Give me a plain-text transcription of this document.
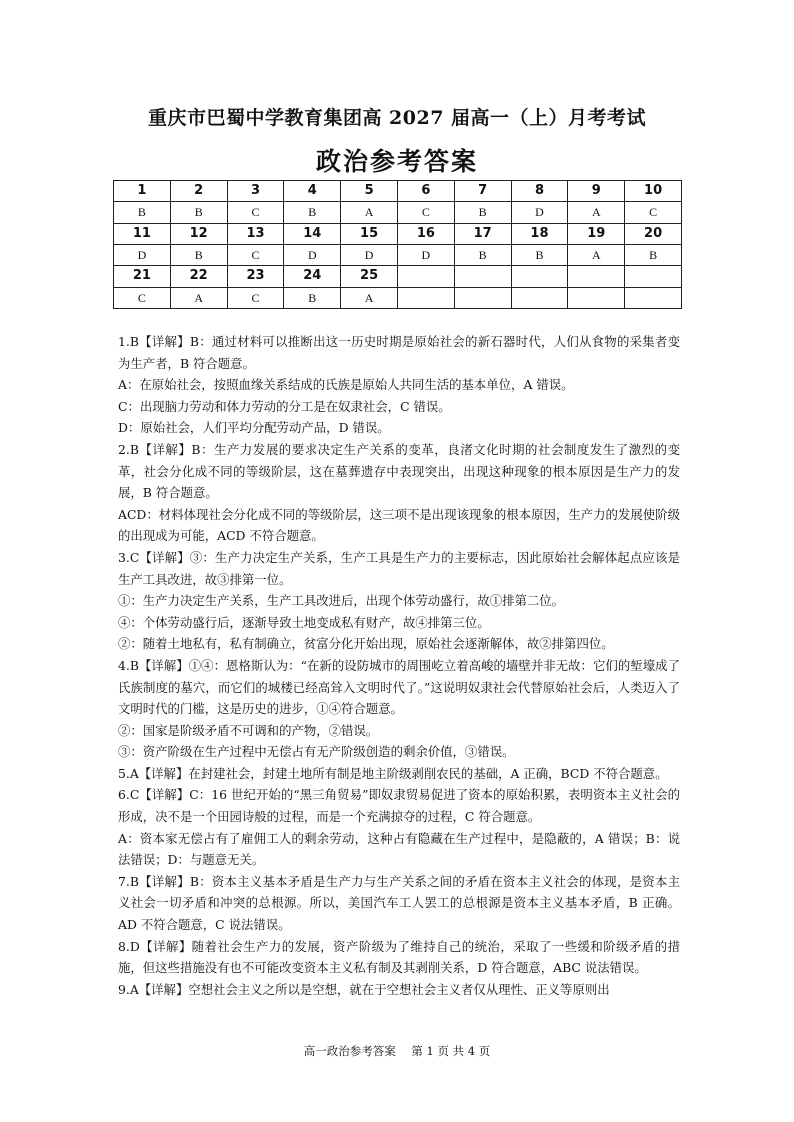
重庆市巴蜀中学教育集团高 2027 届高一（上）月考考试
政治参考答案
1	2	3	4	5	6	7	8	9	10
B	B	C	B	A	C	B	D	A	C
11	12	13	14	15	16	17	18	19	20
D	B	C	D	D	D	B	B	A	B
21	22	23	24	25					
C	A	C	B	A					

1.B【详解】B：通过材料可以推断出这一历史时期是原始社会的新石器时代，人们从食物的采集者变为生产者，B 符合题意。

A：在原始社会，按照血缘关系结成的氏族是原始人共同生活的基本单位，A 错误。

C：出现脑力劳动和体力劳动的分工是在奴隶社会，C 错误。

D：原始社会，人们平均分配劳动产品，D 错误。

2.B【详解】B：生产力发展的要求决定生产关系的变革，良渚文化时期的社会制度发生了激烈的变革，社会分化成不同的等级阶层，这在墓葬遗存中表现突出，出现这种现象的根本原因是生产力的发展，B 符合题意。

ACD：材料体现社会分化成不同的等级阶层，这三项不是出现该现象的根本原因，生产力的发展使阶级的出现成为可能，ACD 不符合题意。

3.C【详解】③：生产力决定生产关系，生产工具是生产力的主要标志，因此原始社会解体起点应该是生产工具改进，故③排第一位。

①：生产力决定生产关系，生产工具改进后，出现个体劳动盛行，故①排第二位。

④：个体劳动盛行后，逐渐导致土地变成私有财产，故④排第三位。

②：随着土地私有，私有制确立，贫富分化开始出现，原始社会逐渐解体，故②排第四位。

4.B【详解】①④：恩格斯认为：“在新的设防城市的周围屹立着高峻的墙壁并非无故：它们的堑壕成了氏族制度的墓穴，而它们的城楼已经高耸入文明时代了。”这说明奴隶社会代替原始社会后，人类迈入了文明时代的门槛，这是历史的进步，①④符合题意。

②：国家是阶级矛盾不可调和的产物，②错误。

③：资产阶级在生产过程中无偿占有无产阶级创造的剩余价值，③错误。

5.A【详解】在封建社会，封建土地所有制是地主阶级剥削农民的基础，A 正确，BCD 不符合题意。

6.C【详解】C：16 世纪开始的“黑三角贸易”即奴隶贸易促进了资本的原始积累，表明资本主义社会的形成，决不是一个田园诗般的过程，而是一个充满掠夺的过程，C 符合题意。

A：资本家无偿占有了雇佣工人的剩余劳动，这种占有隐藏在生产过程中，是隐蔽的，A 错误；B：说法错误；D：与题意无关。

7.B【详解】B：资本主义基本矛盾是生产力与生产关系之间的矛盾在资本主义社会的体现，是资本主义社会一切矛盾和冲突的总根源。所以，美国汽车工人罢工的总根源是资本主义基本矛盾，B 正确。AD 不符合题意，C 说法错误。

8.D【详解】随着社会生产力的发展，资产阶级为了维持自己的统治，采取了一些缓和阶级矛盾的措施，但这些措施没有也不可能改变资本主义私有制及其剥削关系，D 符合题意，ABC 说法错误。

9.A【详解】空想社会主义之所以是空想，就在于空想社会主义者仅从理性、正义等原则出

高一政治参考答案 第 1 页 共 4 页
